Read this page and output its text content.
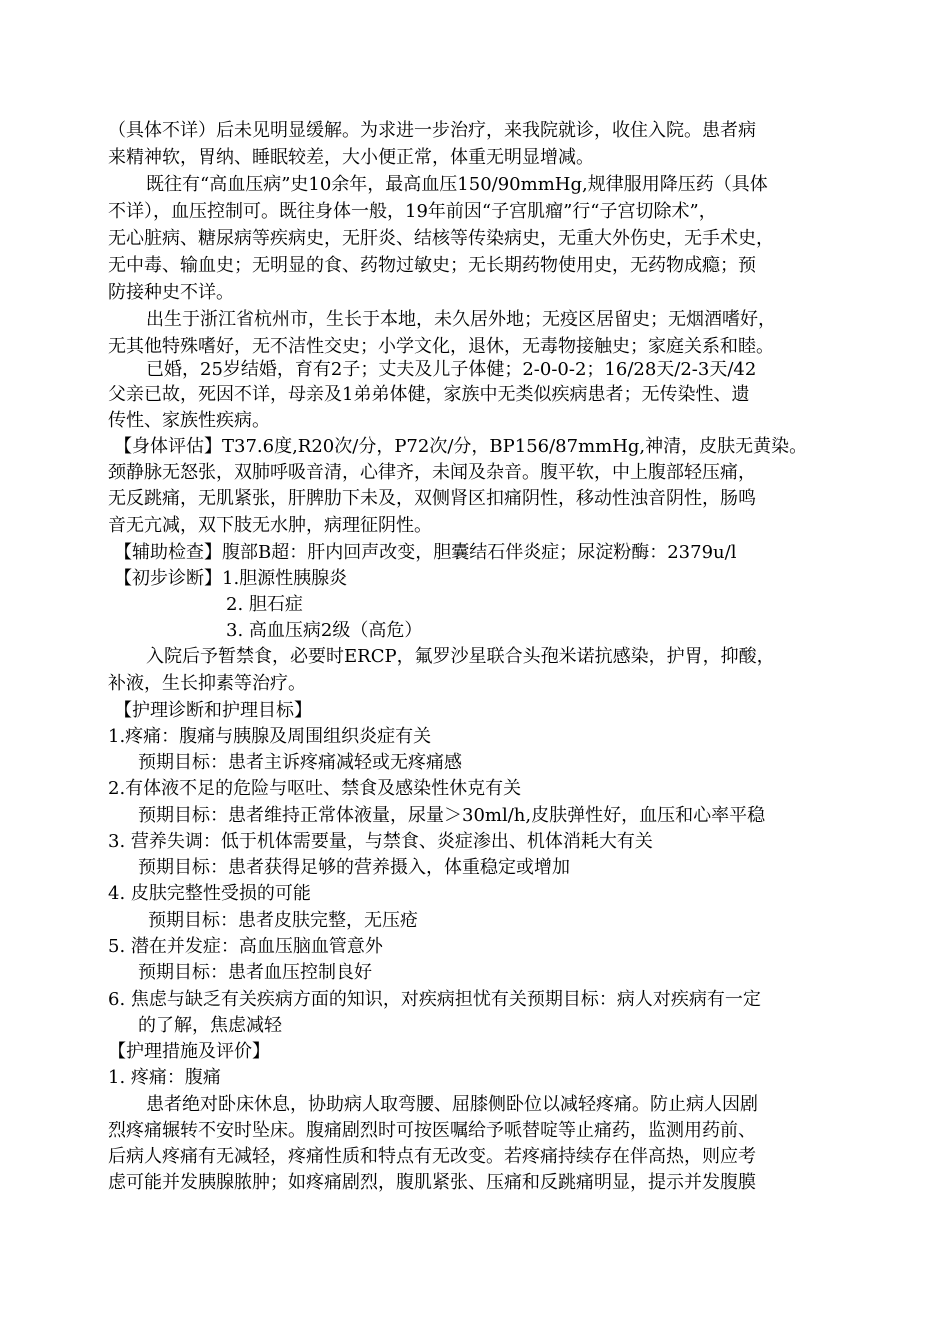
（具体不详）后未见明显缓解。为求进一步治疗，来我院就诊，收住入院。患者病
来精神软，胃纳、睡眠较差，大小便正常，体重无明显增减。
既往有“高血压病”史10余年，最高血压150/90mmHg,规律服用降压药（具体
不详），血压控制可。既往身体一般，19年前因“子宫肌瘤”行“子宫切除术”，
无心脏病、糖尿病等疾病史，无肝炎、结核等传染病史，无重大外伤史，无手术史，
无中毒、输血史；无明显的食、药物过敏史；无长期药物使用史，无药物成瘾；预
防接种史不详。
出生于浙江省杭州市，生长于本地，未久居外地；无疫区居留史；无烟酒嗜好，
无其他特殊嗜好，无不洁性交史；小学文化，退休，无毒物接触史；家庭关系和睦。
已婚，25岁结婚，育有2子；丈夫及儿子体健；2-0-0-2；16/28天/2-3天/42
父亲已故，死因不详，母亲及1弟弟体健，家族中无类似疾病患者；无传染性、遗
传性、家族性疾病。
【身体评估】T37.6度,R20次/分，P72次/分，BP156/87mmHg,神清，皮肤无黄染。
颈静脉无怒张，双肺呼吸音清，心律齐，未闻及杂音。腹平软，中上腹部轻压痛，
无反跳痛，无肌紧张，肝脾肋下未及，双侧肾区扣痛阴性，移动性浊音阴性，肠鸣
音无亢减，双下肢无水肿，病理征阴性。
【辅助检查】腹部B超：肝内回声改变，胆囊结石伴炎症；尿淀粉酶：2379u/l
【初步诊断】1.胆源性胰腺炎
2. 胆石症
3. 高血压病2级（高危）
入院后予暂禁食，必要时ERCP，氟罗沙星联合头孢米诺抗感染，护胃，抑酸，
补液，生长抑素等治疗。
【护理诊断和护理目标】
1.疼痛：腹痛与胰腺及周围组织炎症有关
预期目标：患者主诉疼痛减轻或无疼痛感
2.有体液不足的危险与呕吐、禁食及感染性休克有关
预期目标：患者维持正常体液量，尿量＞30ml/h,皮肤弹性好，血压和心率平稳
3. 营养失调：低于机体需要量，与禁食、炎症渗出、机体消耗大有关
预期目标：患者获得足够的营养摄入，体重稳定或增加
4. 皮肤完整性受损的可能
预期目标：患者皮肤完整，无压疮
5. 潜在并发症：高血压脑血管意外
预期目标：患者血压控制良好
6. 焦虑与缺乏有关疾病方面的知识，对疾病担忧有关预期目标：病人对疾病有一定
的了解，焦虑减轻
【护理措施及评价】
1. 疼痛：腹痛
患者绝对卧床休息，协助病人取弯腰、屈膝侧卧位以减轻疼痛。防止病人因剧
烈疼痛辗转不安时坠床。腹痛剧烈时可按医嘱给予哌替啶等止痛药，监测用药前、
后病人疼痛有无减轻，疼痛性质和特点有无改变。若疼痛持续存在伴高热，则应考
虑可能并发胰腺脓肿；如疼痛剧烈，腹肌紧张、压痛和反跳痛明显，提示并发腹膜
